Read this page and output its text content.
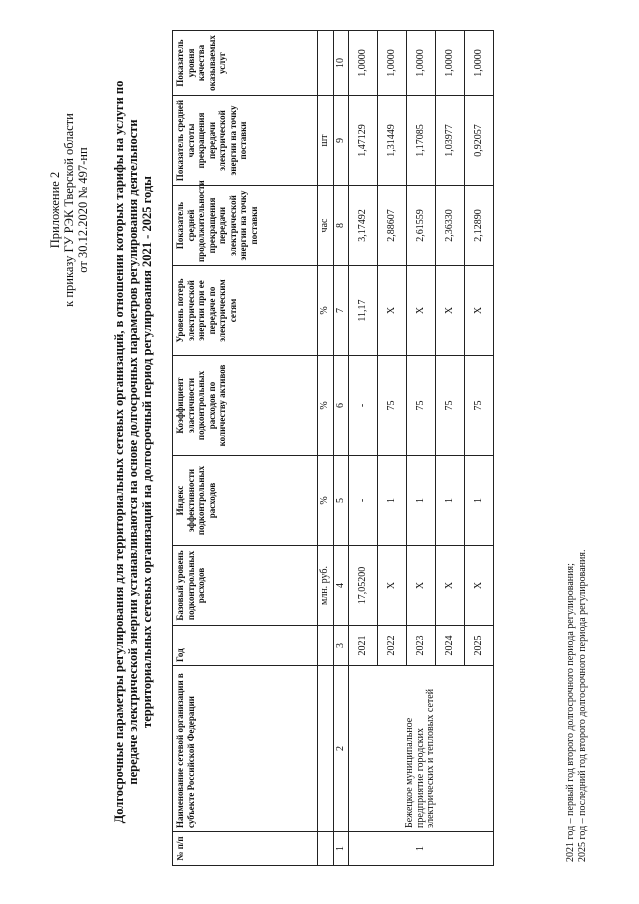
Приложение 2 к приказу ГУ РЭК Тверской области от 30.12.2020 № 497-нп Долгосрочные параметры регулирования для территориальных сетевых организаций, в отношении которых тарифы на услуги по передаче электрической энергии устанавливаются на основе долгосрочных параметров регулирования деятельности территориальных сетевых организаций на долгосрочный период регулирования 2021 - 2025 годы
№ п/п	Наименование сетевой организации в субъекте Российской Федерации	Год	Базовый уровень подконтрольных расходов	Индекс эффективности подконтрольных расходов	Коэффициент эластичности подконтрольных расходов по количеству активов	Уровень потерь электрической энергии при ее передаче по электрическим сетям	Показатель средней продолжительности прекращения передачи электрической энергии на точку поставки	Показатель средней частоты прекращения передачи электрической энергии на точку поставки	Показатель уровня качества оказываемых услуг
			млн. руб.	%	%	%	час	шт	
1	2	3	4	5	6	7	8	9	10
1	Бежецкое муниципальное предприятие городских электрических и тепловых сетей	2021	17,05200	-	-	11,17	3,17492	1,47129	1,0000
		2022	Х	1	75	Х	2,88607	1,31449	1,0000
		2023	Х	1	75	Х	2,61559	1,17085	1,0000
		2024	Х	1	75	Х	2,36330	1,03977	1,0000
		2025	Х	1	75	Х	2,12890	0,92057	1,0000
2021 год – первый год второго долгосрочного периода регулирования; 2025 год – последний год второго долгосрочного периода регулирования.
